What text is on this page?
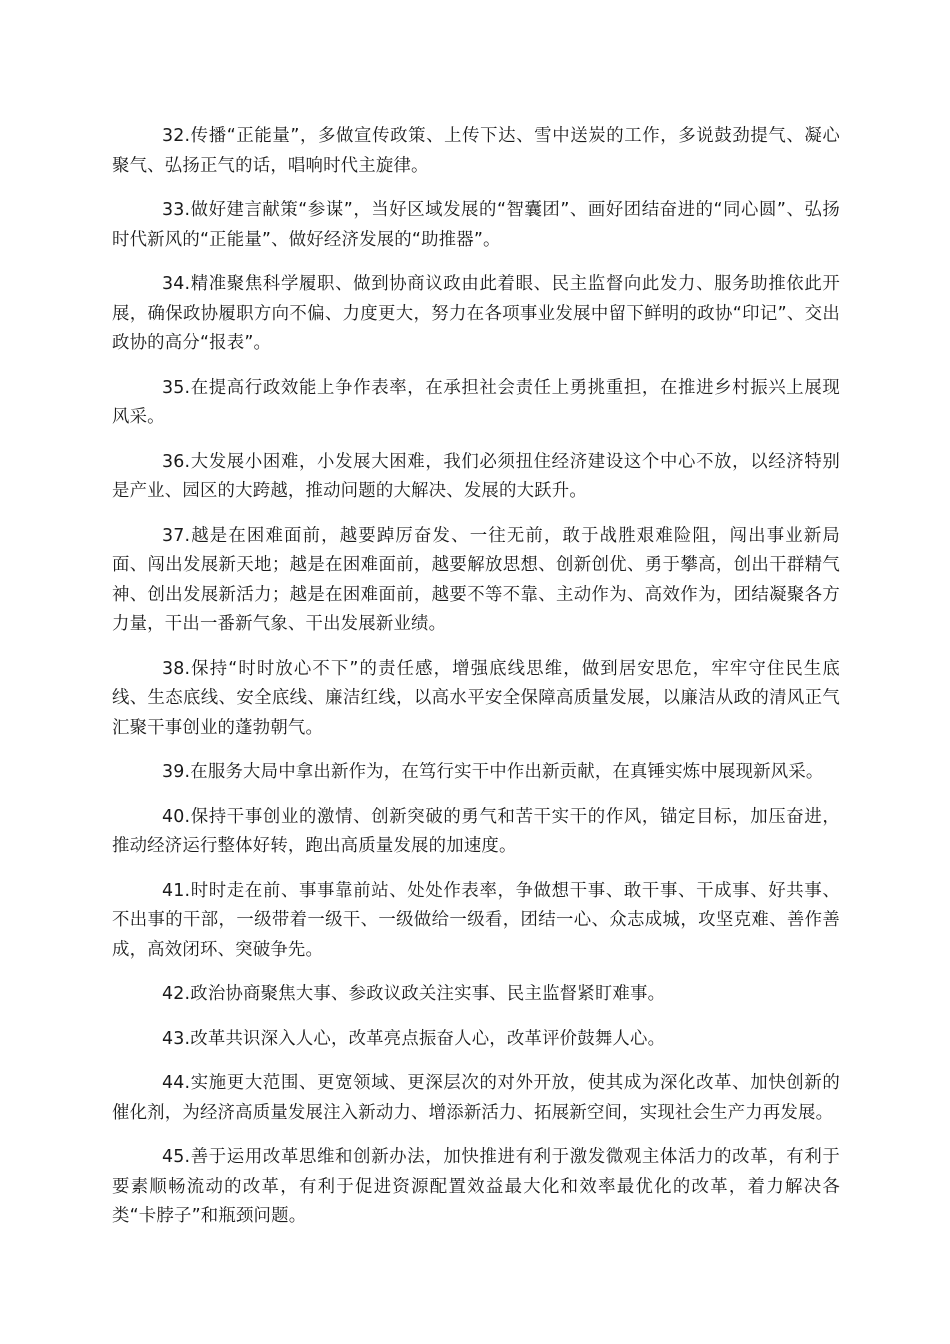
32.传播“正能量”，多做宣传政策、上传下达、雪中送炭的工作，多说鼓劲提气、凝心聚气、弘扬正气的话，唱响时代主旋律。

33.做好建言献策“参谋”，当好区域发展的“智囊团”、画好团结奋进的“同心圆”、弘扬时代新风的“正能量”、做好经济发展的“助推器”。

34.精准聚焦科学履职、做到协商议政由此着眼、民主监督向此发力、服务助推依此开展，确保政协履职方向不偏、力度更大，努力在各项事业发展中留下鲜明的政协“印记”、交出政协的高分“报表”。

35.在提高行政效能上争作表率，在承担社会责任上勇挑重担，在推进乡村振兴上展现风采。

36.大发展小困难，小发展大困难，我们必须扭住经济建设这个中心不放，以经济特别是产业、园区的大跨越，推动问题的大解决、发展的大跃升。

37.越是在困难面前，越要踔厉奋发、一往无前，敢于战胜艰难险阻，闯出事业新局面、闯出发展新天地；越是在困难面前，越要解放思想、创新创优、勇于攀高，创出干群精气神、创出发展新活力；越是在困难面前，越要不等不靠、主动作为、高效作为，团结凝聚各方力量，干出一番新气象、干出发展新业绩。

38.保持“时时放心不下”的责任感，增强底线思维，做到居安思危，牢牢守住民生底线、生态底线、安全底线、廉洁红线，以高水平安全保障高质量发展，以廉洁从政的清风正气汇聚干事创业的蓬勃朝气。

39.在服务大局中拿出新作为，在笃行实干中作出新贡献，在真锤实炼中展现新风采。

40.保持干事创业的激情、创新突破的勇气和苦干实干的作风，锚定目标，加压奋进，推动经济运行整体好转，跑出高质量发展的加速度。

41.时时走在前、事事靠前站、处处作表率，争做想干事、敢干事、干成事、好共事、不出事的干部，一级带着一级干、一级做给一级看，团结一心、众志成城，攻坚克难、善作善成，高效闭环、突破争先。

42.政治协商聚焦大事、参政议政关注实事、民主监督紧盯难事。

43.改革共识深入人心，改革亮点振奋人心，改革评价鼓舞人心。

44.实施更大范围、更宽领域、更深层次的对外开放，使其成为深化改革、加快创新的催化剂，为经济高质量发展注入新动力、增添新活力、拓展新空间，实现社会生产力再发展。

45.善于运用改革思维和创新办法，加快推进有利于激发微观主体活力的改革，有利于要素顺畅流动的改革，有利于促进资源配置效益最大化和效率最优化的改革，着力解决各类“卡脖子”和瓶颈问题。
